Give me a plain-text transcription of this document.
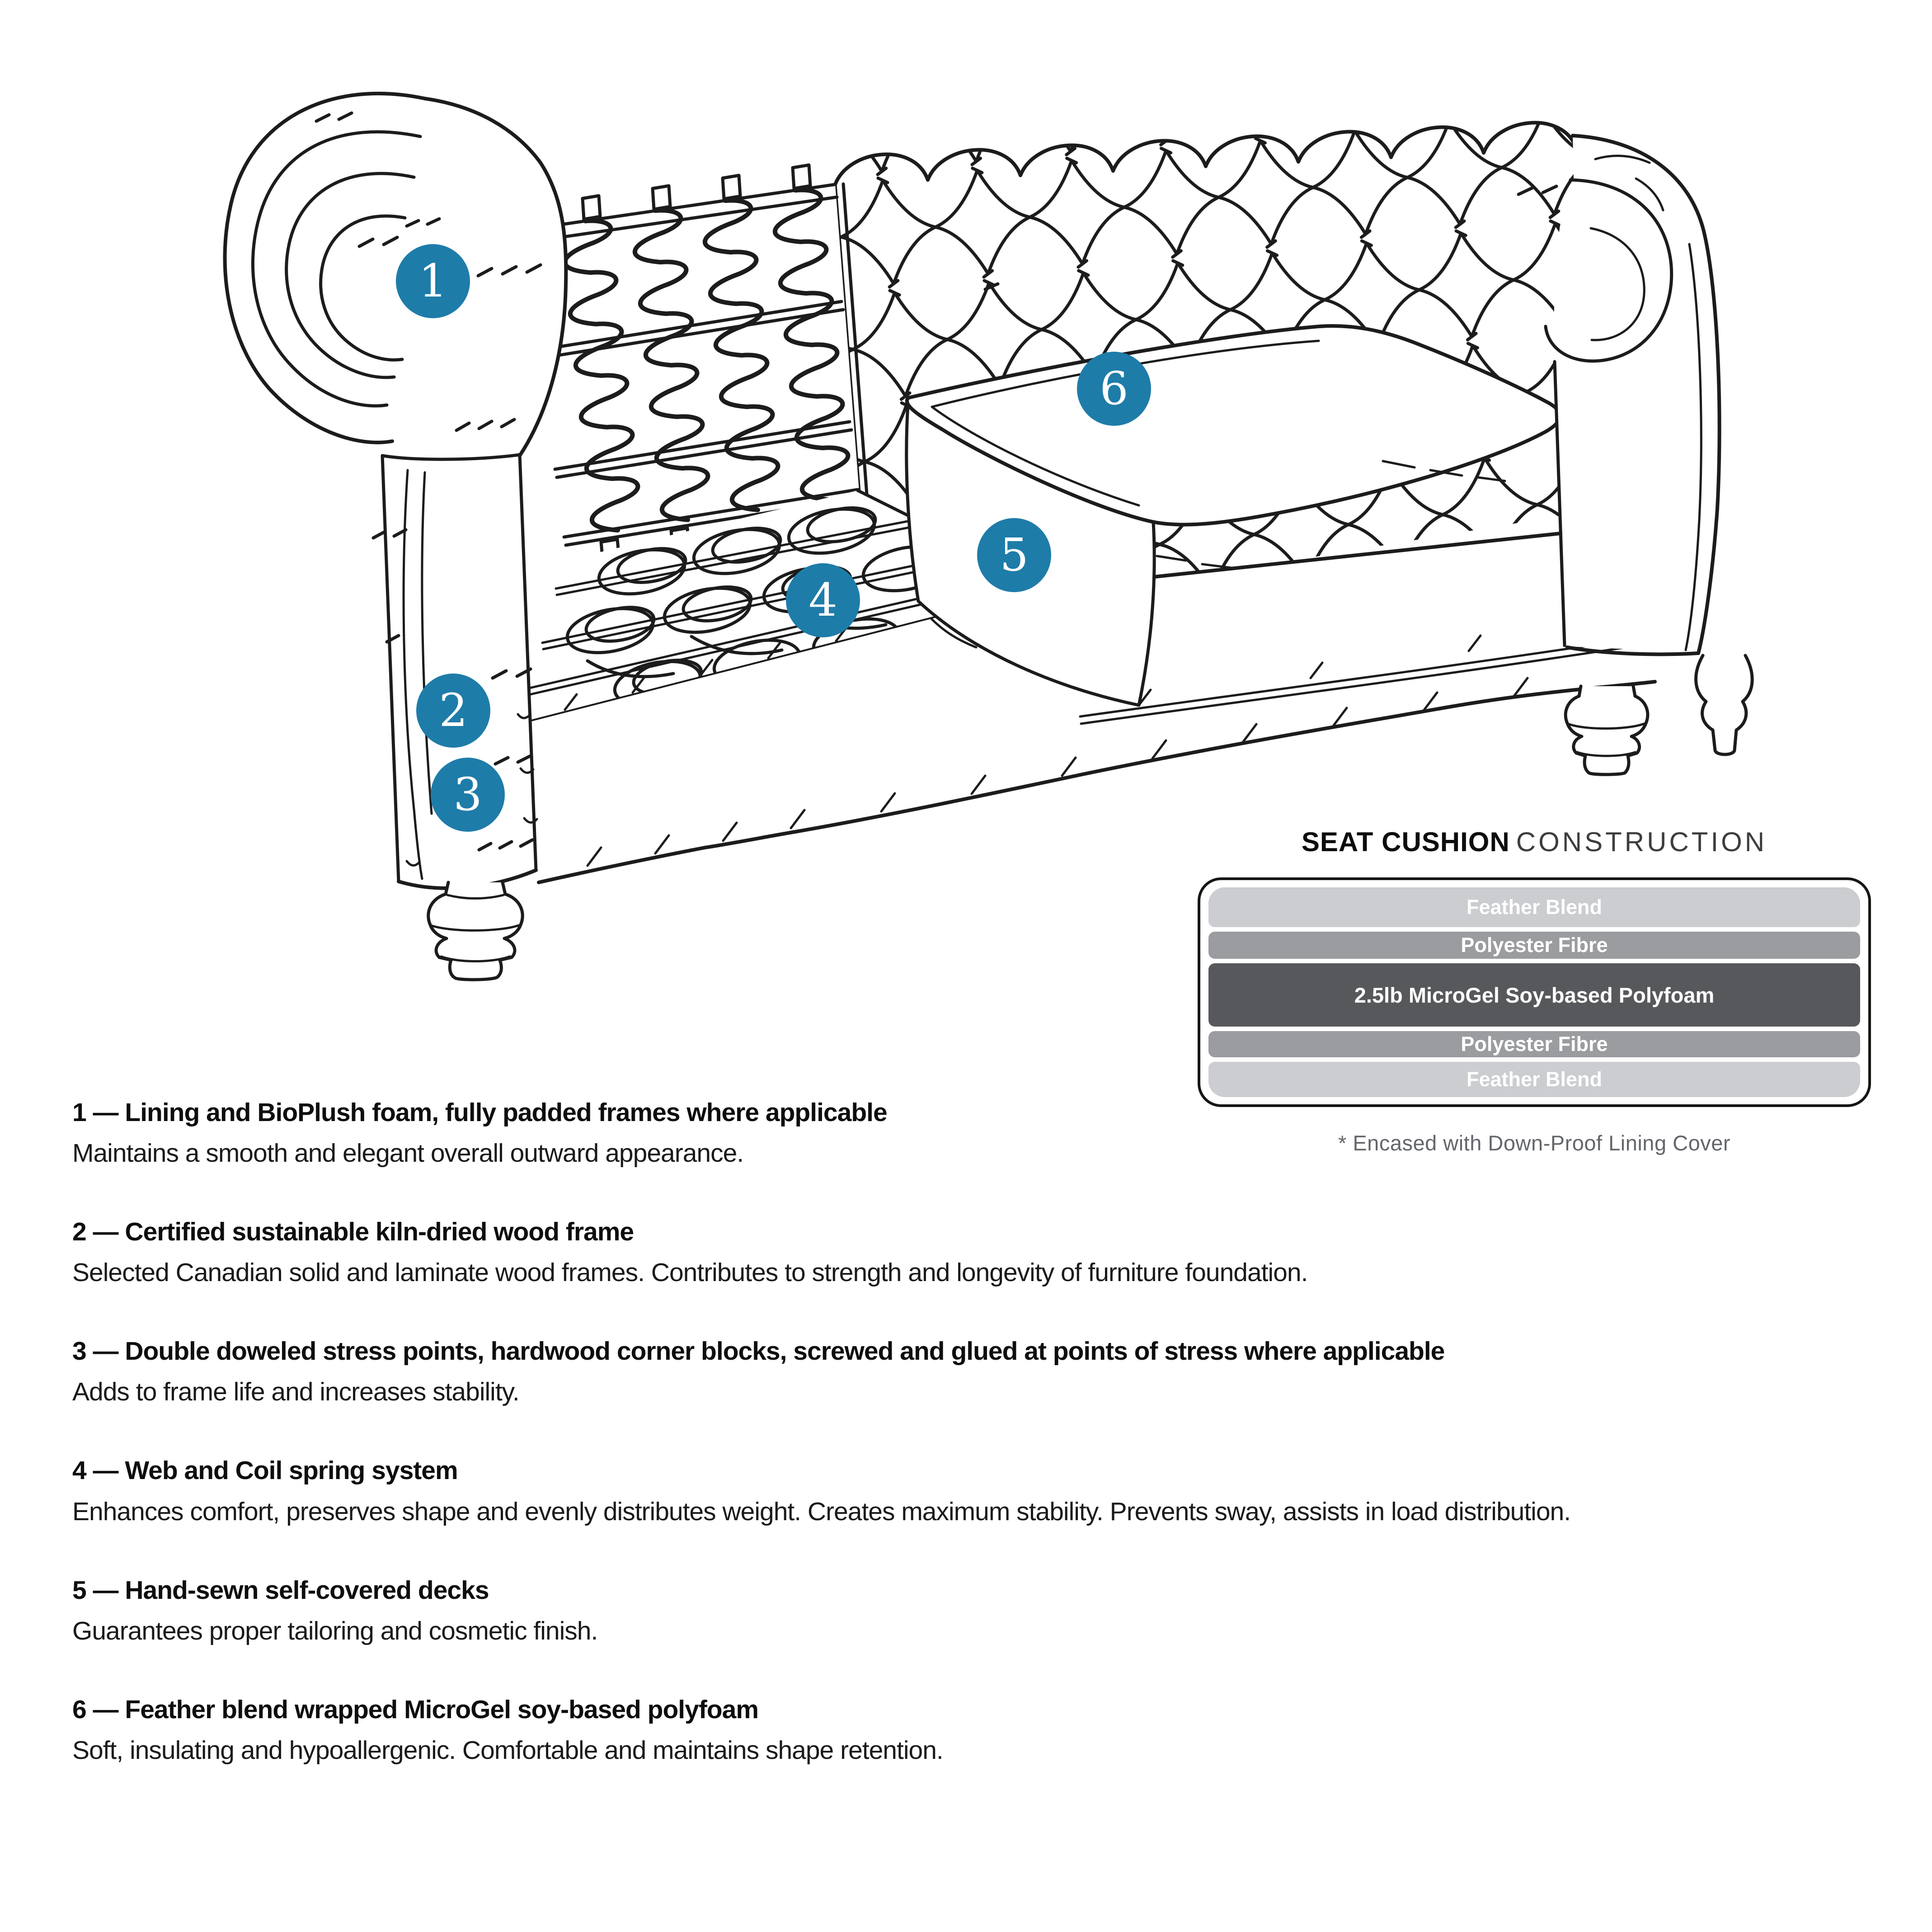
1
2
3
4
5
6
SEAT CUSHION CONSTRUCTION
Feather Blend
Polyester Fibre
2.5lb MicroGel Soy-based Polyfoam
Polyester Fibre
Feather Blend

* Encased with Down-Proof Lining Cover

1 — Lining and BioPlush foam, fully padded frames where applicable

Maintains a smooth and elegant overall outward appearance.

2 — Certified sustainable kiln-dried wood frame

Selected Canadian solid and laminate wood frames. Contributes to strength and longevity of furniture foundation.

3 — Double doweled stress points, hardwood corner blocks, screwed and glued at points of stress where applicable

Adds to frame life and increases stability.

4 — Web and Coil spring system

Enhances comfort, preserves shape and evenly distributes weight. Creates maximum stability. Prevents sway, assists in load distribution.

5 — Hand-sewn self-covered decks

Guarantees proper tailoring and cosmetic finish.

6 — Feather blend wrapped MicroGel soy-based polyfoam

Soft, insulating and hypoallergenic. Comfortable and maintains shape retention.
